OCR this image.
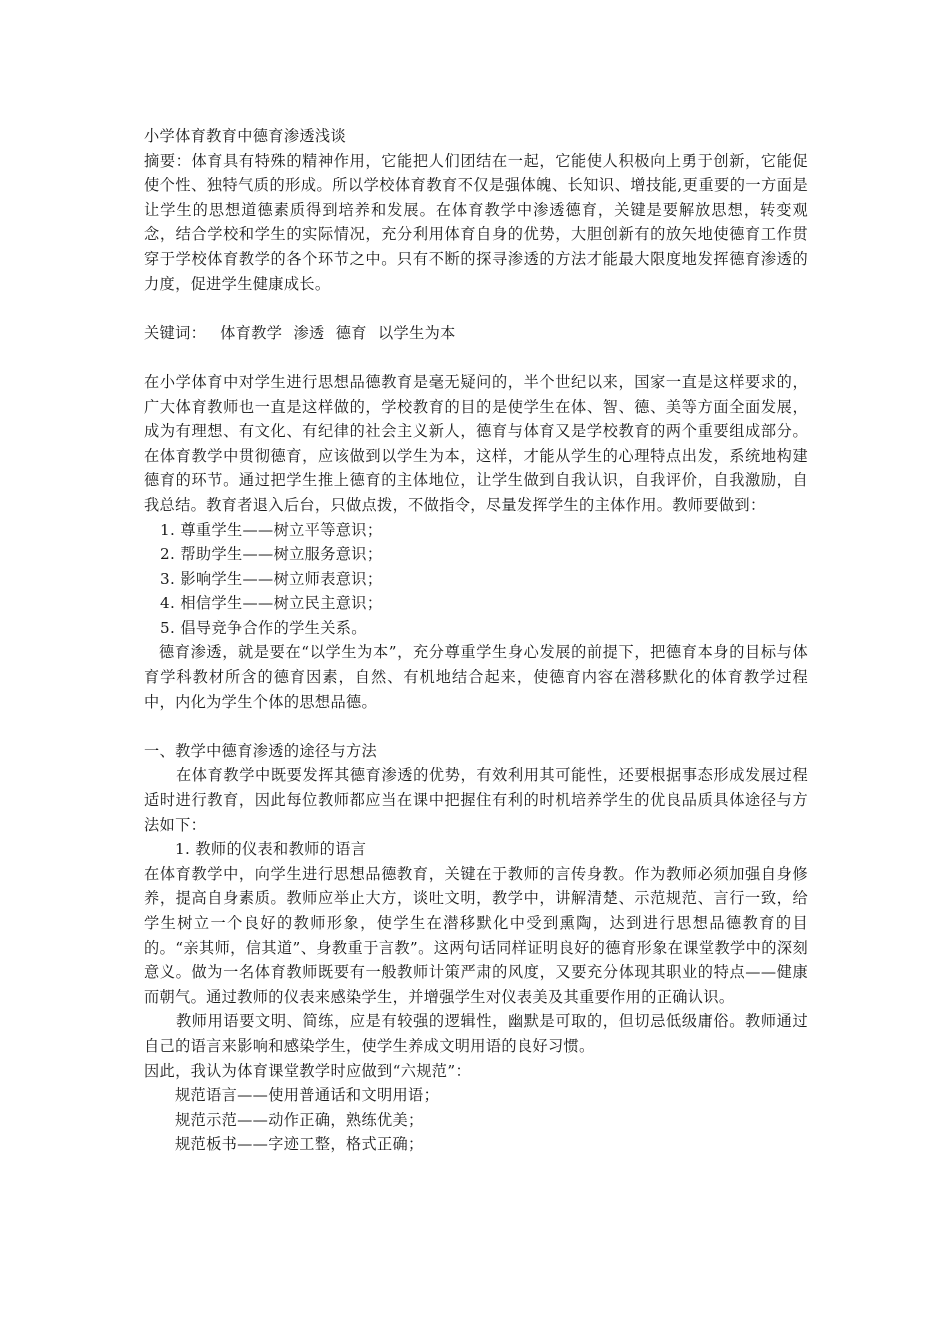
小学体育教育中德育渗透浅谈

摘要：体育具有特殊的精神作用，它能把人们团结在一起，它能使人积极向上勇于创新，它能促使个性、独特气质的形成。所以学校体育教育不仅是强体魄、长知识、增技能,更重要的一方面是让学生的思想道德素质得到培养和发展。在体育教学中渗透德育，关键是要解放思想，转变观念，结合学校和学生的实际情况，充分利用体育自身的优势，大胆创新有的放矢地使德育工作贯穿于学校体育教学的各个环节之中。只有不断的探寻渗透的方法才能最大限度地发挥德育渗透的力度，促进学生健康成长。

关键词： 体育教学 渗透 德育 以学生为本

在小学体育中对学生进行思想品德教育是毫无疑问的，半个世纪以来，国家一直是这样要求的，广大体育教师也一直是这样做的，学校教育的目的是使学生在体、智、德、美等方面全面发展，成为有理想、有文化、有纪律的社会主义新人，德育与体育又是学校教育的两个重要组成部分。在体育教学中贯彻德育，应该做到以学生为本，这样，才能从学生的心理特点出发，系统地构建德育的环节。通过把学生推上德育的主体地位，让学生做到自我认识，自我评价，自我激励，自我总结。教育者退入后台，只做点拨，不做指令，尽量发挥学生的主体作用。教师要做到：

1. 尊重学生——树立平等意识；
2. 帮助学生——树立服务意识；
3. 影响学生——树立师表意识；
4. 相信学生——树立民主意识；
5. 倡导竞争合作的学生关系。

德育渗透，就是要在“以学生为本”，充分尊重学生身心发展的前提下，把德育本身的目标与体育学科教材所含的德育因素，自然、有机地结合起来，使德育内容在潜移默化的体育教学过程中，内化为学生个体的思想品德。

一、教学中德育渗透的途径与方法

在体育教学中既要发挥其德育渗透的优势，有效利用其可能性，还要根据事态形成发展过程适时进行教育，因此每位教师都应当在课中把握住有利的时机培养学生的优良品质具体途径与方法如下：

1. 教师的仪表和教师的语言

在体育教学中，向学生进行思想品德教育，关键在于教师的言传身教。作为教师必须加强自身修养，提高自身素质。教师应举止大方，谈吐文明，教学中，讲解清楚、示范规范、言行一致，给学生树立一个良好的教师形象，使学生在潜移默化中受到熏陶，达到进行思想品德教育的目的。“亲其师，信其道”、身教重于言教”。这两句话同样证明良好的德育形象在课堂教学中的深刻意义。做为一名体育教师既要有一般教师计策严肃的风度，又要充分体现其职业的特点——健康而朝气。通过教师的仪表来感染学生，并增强学生对仪表美及其重要作用的正确认识。

教师用语要文明、简练，应是有较强的逻辑性，幽默是可取的，但切忌低级庸俗。教师通过自己的语言来影响和感染学生，使学生养成文明用语的良好习惯。

因此，我认为体育课堂教学时应做到“六规范”：

规范语言——使用普通话和文明用语；

规范示范——动作正确，熟练优美；

规范板书——字迹工整，格式正确；
